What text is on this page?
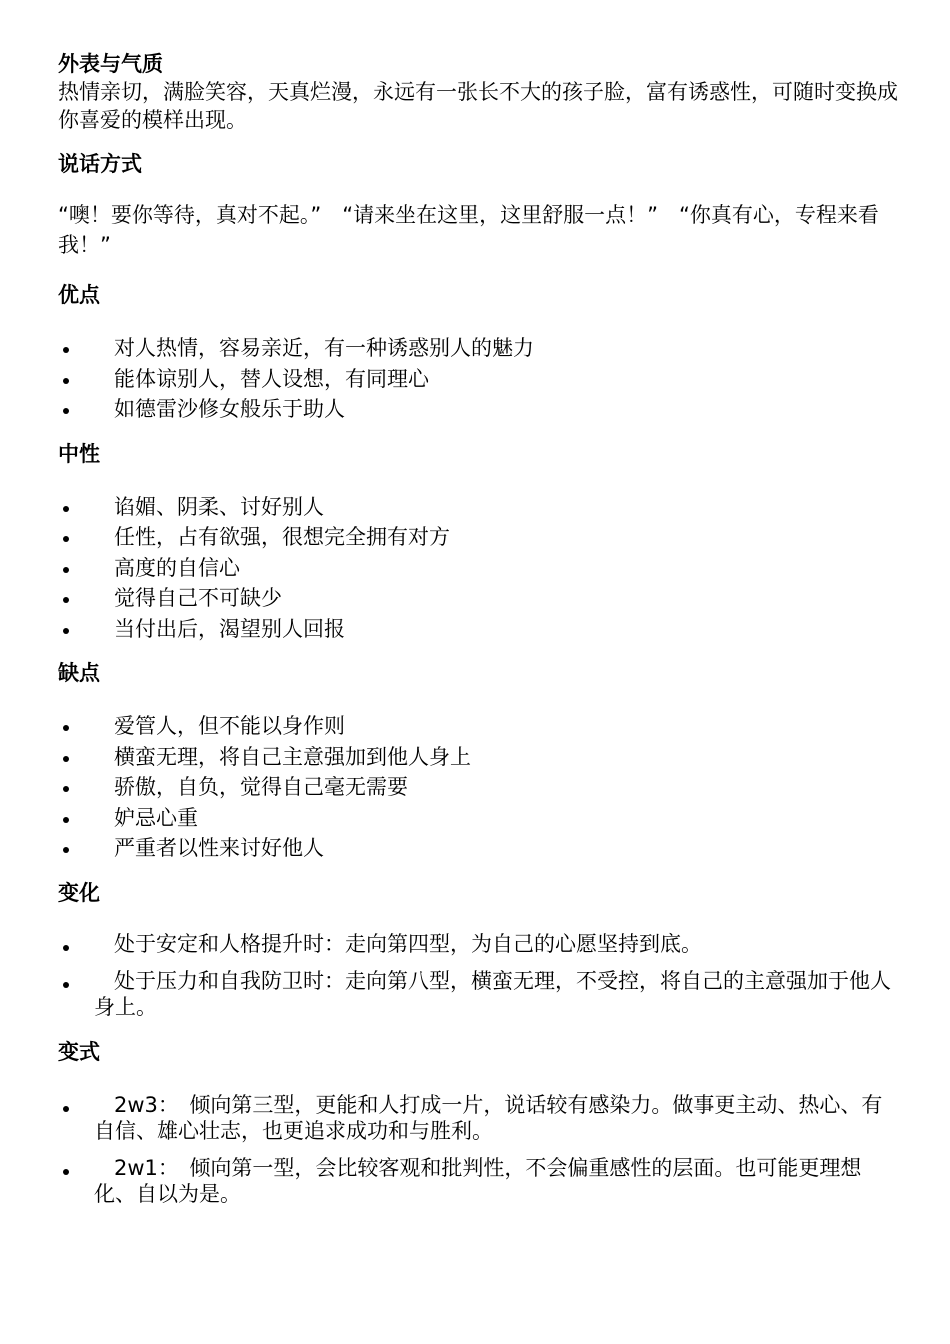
外表与气质

热情亲切，满脸笑容，天真烂漫，永远有一张长不大的孩子脸，富有诱惑性，可随时变换成你喜爱的模样出现。

说话方式

“噢！要你等待，真对不起。”　“请来坐在这里，这里舒服一点！”　“你真有心，专程来看我！”

优点
对人热情，容易亲近，有一种诱惑别人的魅力
能体谅别人，替人设想，有同理心
如德雷沙修女般乐于助人
中性
谄媚、阴柔、讨好别人
任性，占有欲强，很想完全拥有对方
高度的自信心
觉得自己不可缺少
当付出后，渴望别人回报
缺点
爱管人，但不能以身作则
横蛮无理，将自己主意强加到他人身上
骄傲，自负，觉得自己毫无需要
妒忌心重
严重者以性来讨好他人
变化
处于安定和人格提升时：走向第四型，为自己的心愿坚持到底。
处于压力和自我防卫时：走向第八型，横蛮无理，不受控，将自己的主意强加于他人身上。
变式
2w3：　倾向第三型，更能和人打成一片，说话较有感染力。做事更主动、热心、有自信、雄心壮志，也更追求成功和与胜利。
2w1：　倾向第一型，会比较客观和批判性，不会偏重感性的层面。也可能更理想化、自以为是。
